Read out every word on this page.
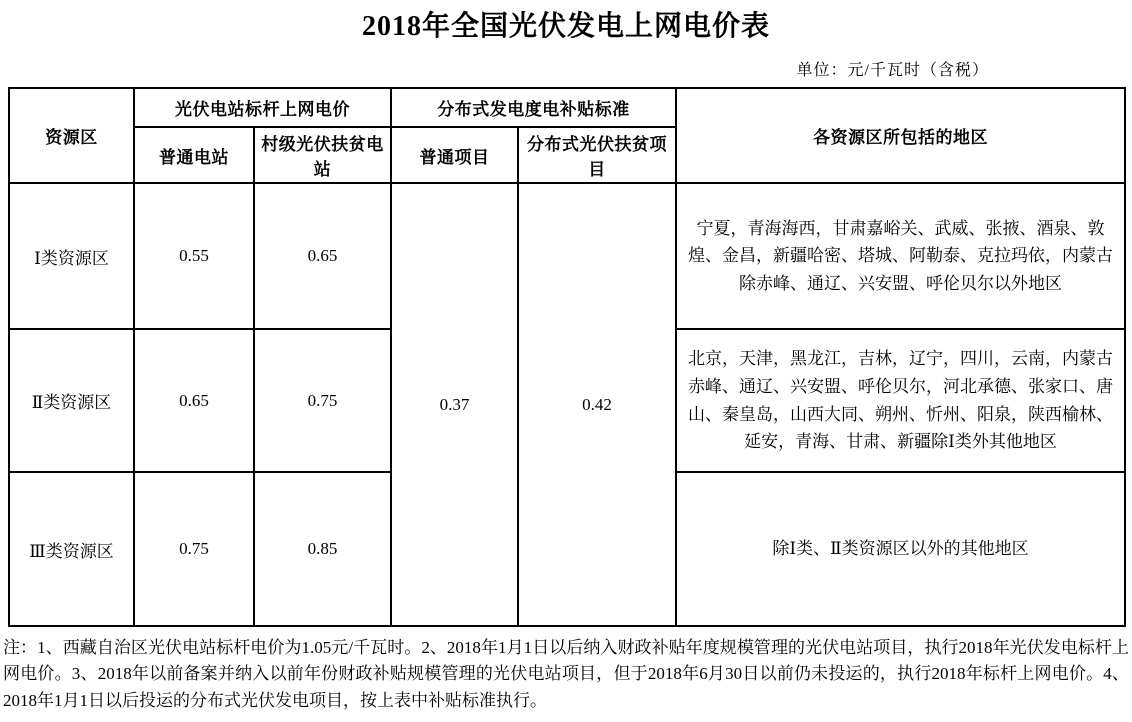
2018年全国光伏发电上网电价表
单位：元/千瓦时（含税）
资源区	光伏电站标杆上网电价		分布式发电度电补贴标准		各资源区所包括的地区
	普通电站	村级光伏扶贫电站	普通项目	分布式光伏扶贫项目	
Ⅰ类资源区	0.55	0.65	0.37	0.42	宁夏，青海海西，甘肃嘉峪关、武威、张掖、酒泉、敦煌、金昌，新疆哈密、塔城、阿勒泰、克拉玛依，内蒙古除赤峰、通辽、兴安盟、呼伦贝尔以外地区
Ⅱ类资源区	0.65	0.75			北京，天津，黑龙江，吉林，辽宁，四川，云南，内蒙古赤峰、通辽、兴安盟、呼伦贝尔，河北承德、张家口、唐山、秦皇岛，山西大同、朔州、忻州、阳泉，陕西榆林、延安，青海、甘肃、新疆除Ⅰ类外其他地区
Ⅲ类资源区	0.75	0.85			除Ⅰ类、Ⅱ类资源区以外的其他地区

注：1、西藏自治区光伏电站标杆电价为1.05元/千瓦时。2、2018年1月1日以后纳入财政补贴年度规模管理的光伏电站项目，执行2018年光伏发电标杆上网电价。3、2018年以前备案并纳入以前年份财政补贴规模管理的光伏电站项目，但于2018年6月30日以前仍未投运的，执行2018年标杆上网电价。4、2018年1月1日以后投运的分布式光伏发电项目，按上表中补贴标准执行。
